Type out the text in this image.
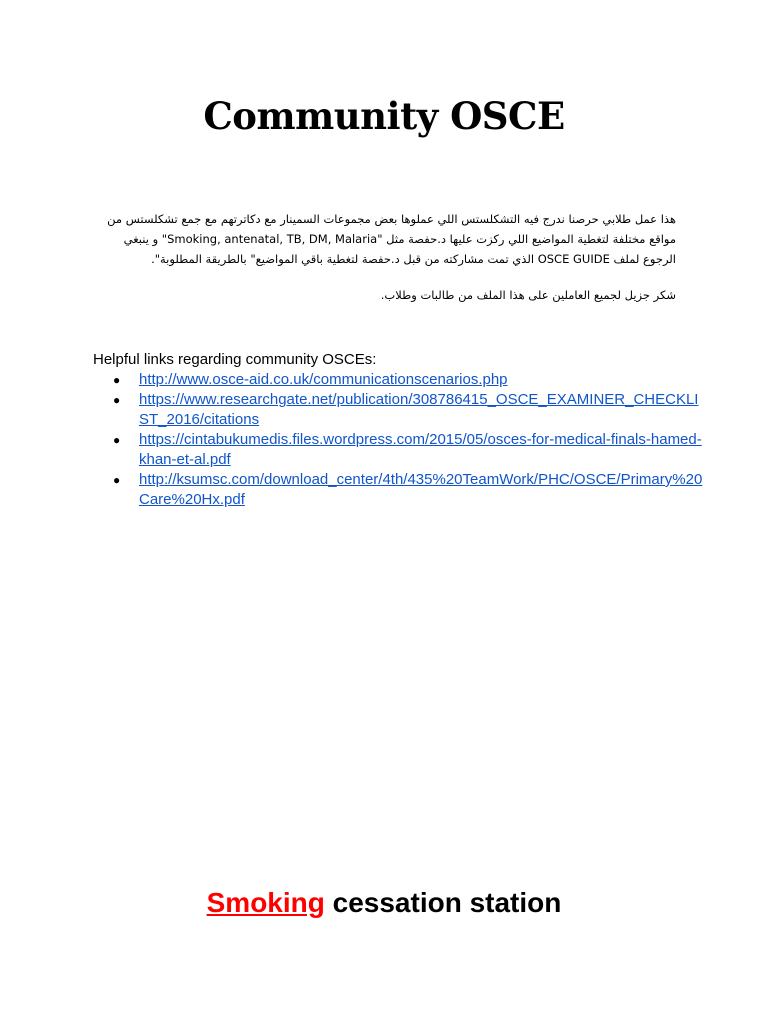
Community OSCE

هذا عمل طلابي حرصنا ندرج فيه التشكلستس اللي عملوها بعض مجموعات السمينار مع دكاترتهم مع جمع تشكلستس من مواقع مختلفة لتغطية المواضيع اللي ركزت عليها د.حفصة مثل "Smoking, antenatal, TB, DM, Malaria" و ينبغي الرجوع لملف OSCE GUIDE الذي تمت مشاركته من قبل د.حفصة لتغطية باقي المواضيع" بالطريقة المطلوبة".

شكر جزيل لجميع العاملين على هذا الملف من طالبات وطلاب.

Helpful links regarding community OSCEs:

● http://www.osce-aid.co.uk/communicationscenarios.php
● https://www.researchgate.net/publication/308786415_OSCE_EXAMINER_CHECKLIST_2016/citations
● https://cintabukumedis.files.wordpress.com/2015/05/osces-for-medical-finals-hamed-khan-et-al.pdf
● http://ksumsc.com/download_center/4th/435%20TeamWork/PHC/OSCE/Primary%20Care%20Hx.pdf
Smoking cessation station
